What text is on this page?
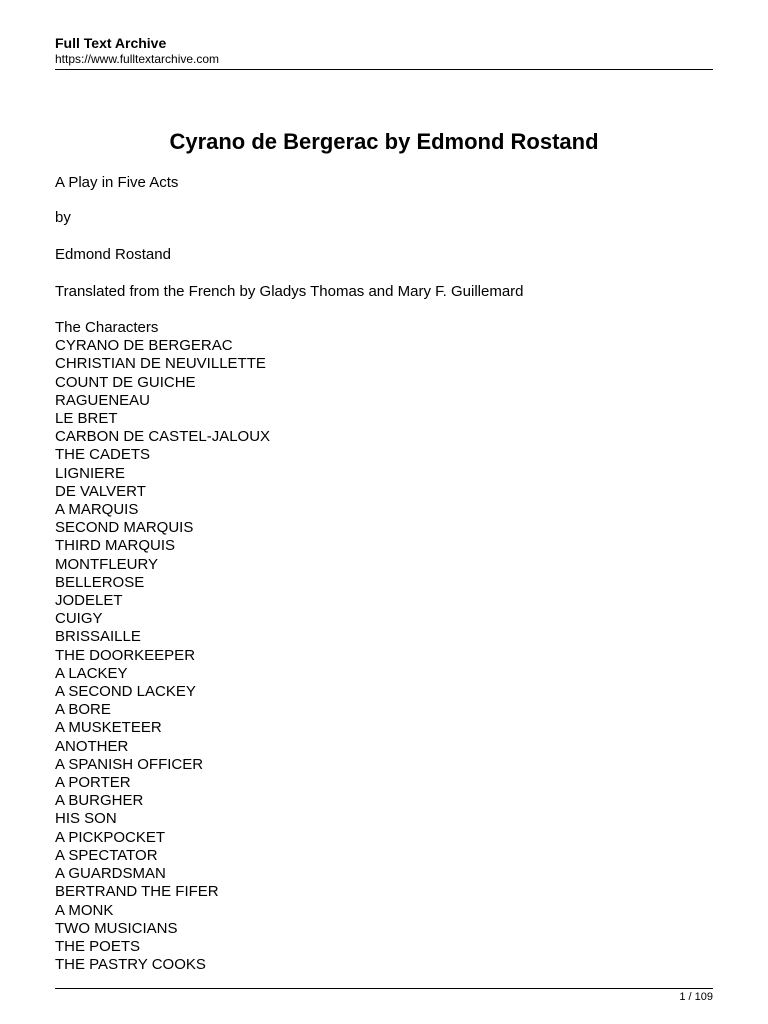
Full Text Archive
https://www.fulltextarchive.com
Cyrano de Bergerac by Edmond Rostand
A Play in Five Acts
by
Edmond Rostand
Translated from the French by Gladys Thomas and Mary F. Guillemard
The Characters
CYRANO DE BERGERAC
CHRISTIAN DE NEUVILLETTE
COUNT DE GUICHE
RAGUENEAU
LE BRET
CARBON DE CASTEL-JALOUX
THE CADETS
LIGNIERE
DE VALVERT
A MARQUIS
SECOND MARQUIS
THIRD MARQUIS
MONTFLEURY
BELLEROSE
JODELET
CUIGY
BRISSAILLE
THE DOORKEEPER
A LACKEY
A SECOND LACKEY
A BORE
A MUSKETEER
ANOTHER
A SPANISH OFFICER
A PORTER
A BURGHER
HIS SON
A PICKPOCKET
A SPECTATOR
A GUARDSMAN
BERTRAND THE FIFER
A MONK
TWO MUSICIANS
THE POETS
THE PASTRY COOKS
1 / 109
